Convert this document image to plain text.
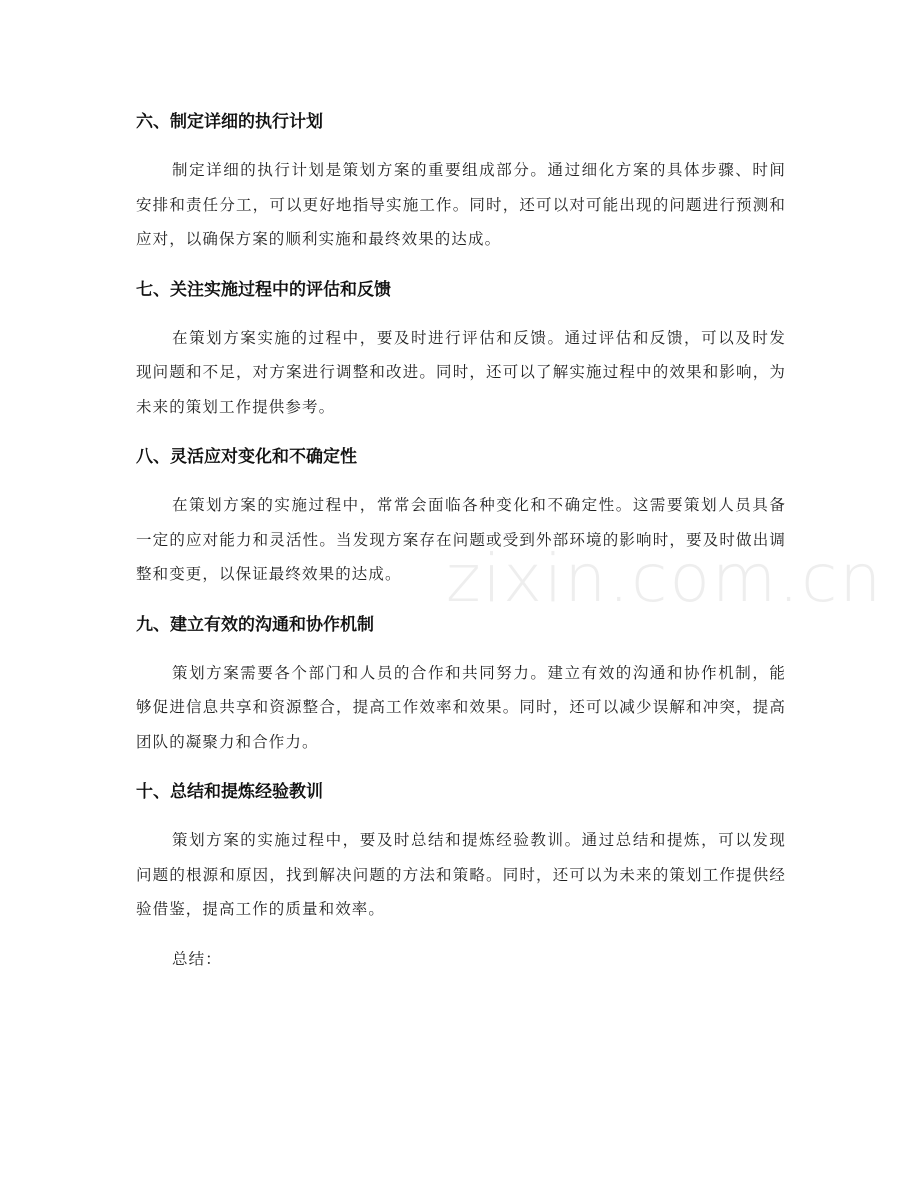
六、制定详细的执行计划

制定详细的执行计划是策划方案的重要组成部分。通过细化方案的具体步骤、时间安排和责任分工，可以更好地指导实施工作。同时，还可以对可能出现的问题进行预测和应对，以确保方案的顺利实施和最终效果的达成。

七、关注实施过程中的评估和反馈

在策划方案实施的过程中，要及时进行评估和反馈。通过评估和反馈，可以及时发现问题和不足，对方案进行调整和改进。同时，还可以了解实施过程中的效果和影响，为未来的策划工作提供参考。

八、灵活应对变化和不确定性

在策划方案的实施过程中，常常会面临各种变化和不确定性。这需要策划人员具备一定的应对能力和灵活性。当发现方案存在问题或受到外部环境的影响时，要及时做出调整和变更，以保证最终效果的达成。

九、建立有效的沟通和协作机制

策划方案需要各个部门和人员的合作和共同努力。建立有效的沟通和协作机制，能够促进信息共享和资源整合，提高工作效率和效果。同时，还可以减少误解和冲突，提高团队的凝聚力和合作力。

十、总结和提炼经验教训

策划方案的实施过程中，要及时总结和提炼经验教训。通过总结和提炼，可以发现问题的根源和原因，找到解决问题的方法和策略。同时，还可以为未来的策划工作提供经验借鉴，提高工作的质量和效率。

总结：

zixin.com.cn
